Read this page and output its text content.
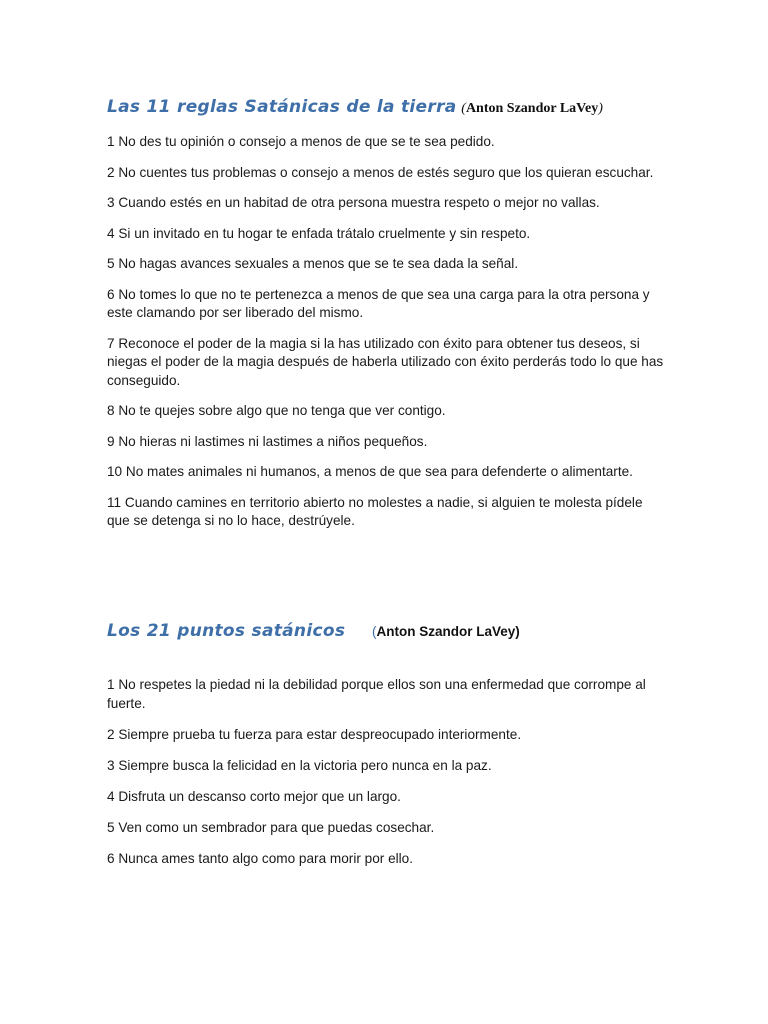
Las 11 reglas Satánicas de la tierra (Anton Szandor LaVey)
1 No des tu opinión o consejo a menos de que se te sea pedido.
2 No cuentes tus problemas o consejo a menos de estés seguro que los quieran escuchar.
3 Cuando estés en un habitad de otra persona muestra respeto o mejor no vallas.
4 Si un invitado en tu hogar te enfada trátalo cruelmente y sin respeto.
5 No hagas avances sexuales a menos que se te sea dada la señal.
6 No tomes lo que no te pertenezca a menos de que sea una carga para la otra persona y este clamando por ser liberado del mismo.
7 Reconoce el poder de la magia si la has utilizado con éxito para obtener tus deseos, si niegas el poder de la magia después de haberla utilizado con éxito perderás todo lo que has conseguido.
8 No te quejes sobre algo que no tenga que ver contigo.
9 No hieras ni lastimes ni lastimes a niños pequeños.
10 No mates animales ni humanos, a menos de que sea para defenderte o alimentarte.
11 Cuando camines en territorio abierto no molestes a nadie, si alguien te molesta pídele que se detenga si no lo hace, destrúyele.
Los 21 puntos satánicos (Anton Szandor LaVey)
1 No respetes la piedad ni la debilidad porque ellos son una enfermedad que corrompe al fuerte.
2 Siempre prueba tu fuerza para estar despreocupado interiormente.
3 Siempre busca la felicidad en la victoria pero nunca en la paz.
4 Disfruta un descanso corto mejor que un largo.
5 Ven como un sembrador para que puedas cosechar.
6 Nunca ames tanto algo como para morir por ello.
